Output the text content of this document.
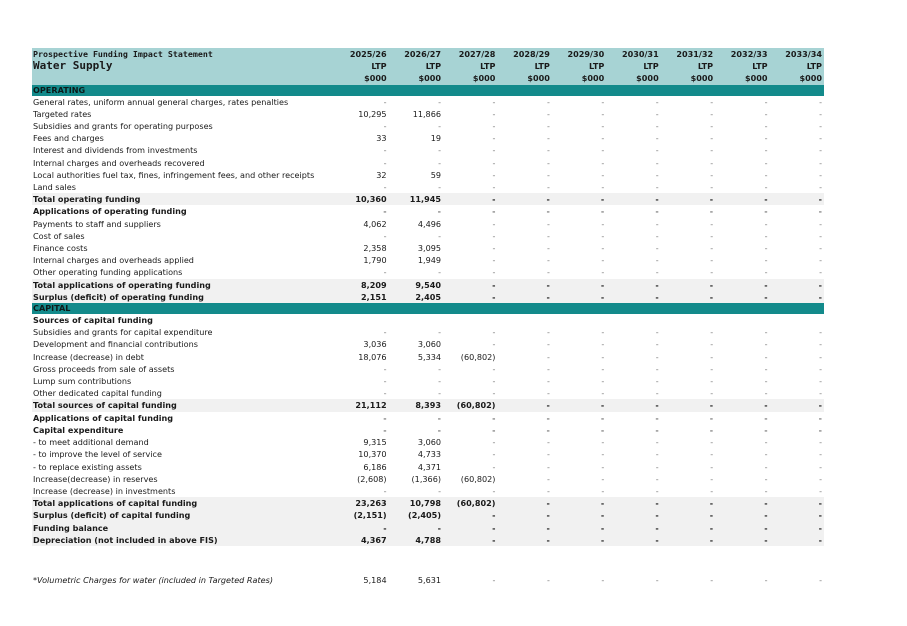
Prospective Funding Impact Statement	2025/26	2026/27	2027/28	2028/29	2029/30	2030/31	2031/32	2032/33	2033/34
Water Supply	LTP	LTP	LTP	LTP	LTP	LTP	LTP	LTP	LTP
	$000	$000	$000	$000	$000	$000	$000	$000	$000
OPERATING									
General rates, uniform annual general charges, rates penalties	-	-	-	-	-	-	-	-	-
Targeted rates	10,295	11,866	-	-	-	-	-	-	-
Subsidies and grants for operating purposes	-	-	-	-	-	-	-	-	-
Fees and charges	33	19	-	-	-	-	-	-	-
Interest and dividends from investments	-	-	-	-	-	-	-	-	-
Internal charges and overheads recovered	-	-	-	-	-	-	-	-	-
Local authorities fuel tax, fines, infringement fees, and other receipts	32	59	-	-	-	-	-	-	-
Land sales	-	-	-	-	-	-	-	-	-
Total operating funding	10,360	11,945	-	-	-	-	-	-	-
Applications of operating funding	-	-	-	-	-	-	-	-	-
Payments to staff and suppliers	4,062	4,496	-	-	-	-	-	-	-
Cost of sales	-	-	-	-	-	-	-	-	-
Finance costs	2,358	3,095	-	-	-	-	-	-	-
Internal charges and overheads applied	1,790	1,949	-	-	-	-	-	-	-
Other operating funding applications	-	-	-	-	-	-	-	-	-
Total applications of operating funding	8,209	9,540	-	-	-	-	-	-	-
Surplus (deficit) of operating funding	2,151	2,405	-	-	-	-	-	-	-
CAPITAL									
Sources of capital funding									
Subsidies and grants for capital expenditure	-	-	-	-	-	-	-	-	-
Development and financial contributions	3,036	3,060	-	-	-	-	-	-	-
Increase (decrease) in debt	18,076	5,334	(60,802)	-	-	-	-	-	-
Gross proceeds from sale of assets	-	-	-	-	-	-	-	-	-
Lump sum contributions	-	-	-	-	-	-	-	-	-
Other dedicated capital funding	-	-	-	-	-	-	-	-	-
Total sources of capital funding	21,112	8,393	(60,802)	-	-	-	-	-	-
Applications of capital funding	-	-	-	-	-	-	-	-	-
Capital expenditure	-	-	-	-	-	-	-	-	-
- to meet additional demand	9,315	3,060	-	-	-	-	-	-	-
- to improve the level of service	10,370	4,733	-	-	-	-	-	-	-
- to replace existing assets	6,186	4,371	-	-	-	-	-	-	-
Increase(decrease) in reserves	(2,608)	(1,366)	(60,802)	-	-	-	-	-	-
Increase (decrease) in investments	-	-	-	-	-	-	-	-	-
Total applications of capital funding	23,263	10,798	(60,802)	-	-	-	-	-	-
Surplus (deficit) of capital funding	(2,151)	(2,405)	-	-	-	-	-	-	-
Funding balance	-	-	-	-	-	-	-	-	-
Depreciation (not included in above FIS)	4,367	4,788	-	-	-	-	-	-	-

*Volumetric Charges for water (included in Targeted Rates)	5,184	5,631	-	-	-	-	-	-	-
